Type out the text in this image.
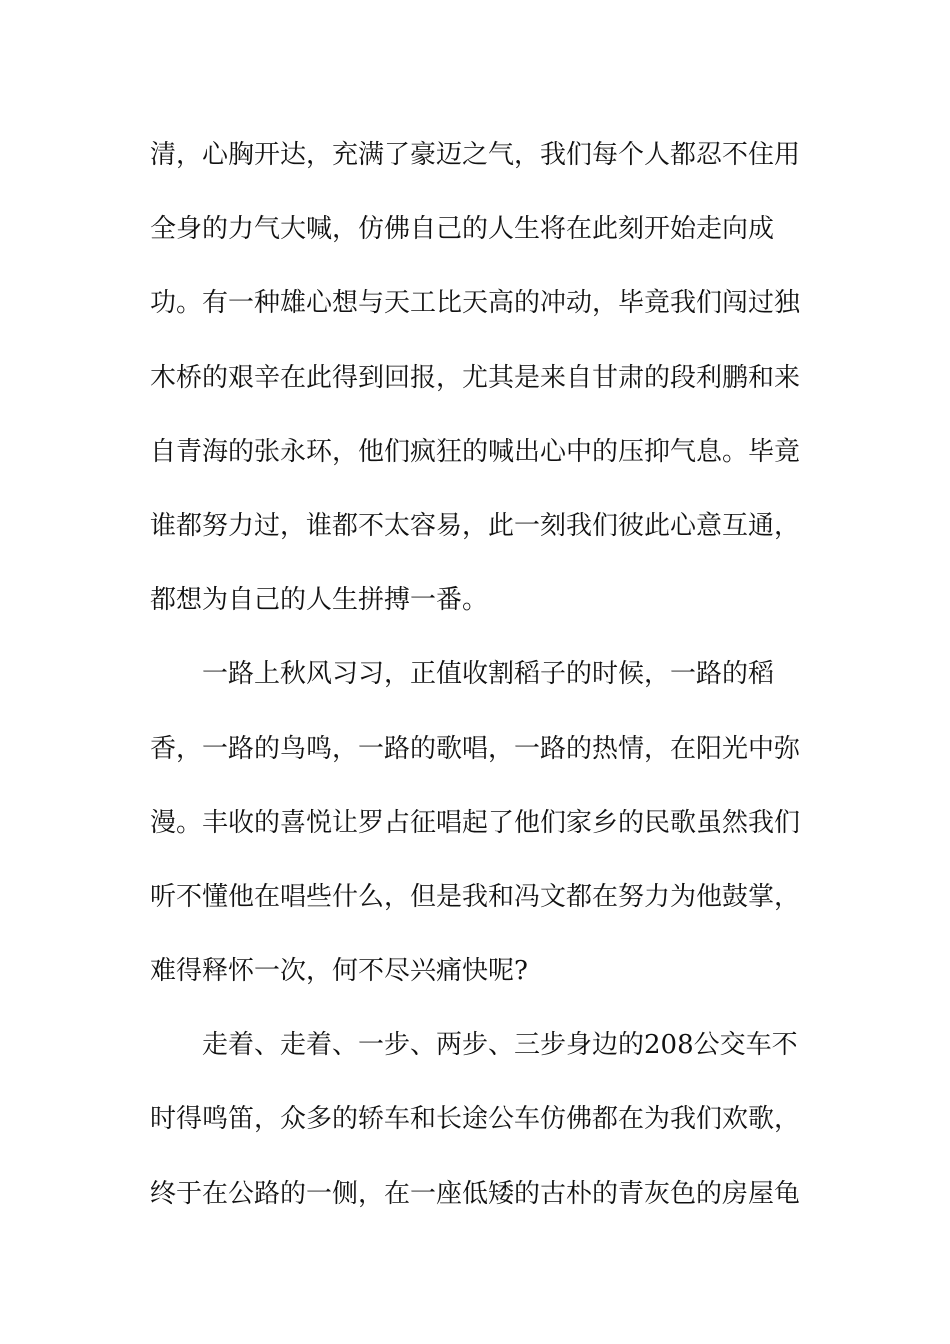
清，心胸开达，充满了豪迈之气，我们每个人都忍不住用
全身的力气大喊，仿佛自己的人生将在此刻开始走向成
功。有一种雄心想与天工比天高的冲动，毕竟我们闯过独
木桥的艰辛在此得到回报，尤其是来自甘肃的段利鹏和来
自青海的张永环，他们疯狂的喊出心中的压抑气息。毕竟
谁都努力过，谁都不太容易，此一刻我们彼此心意互通，
都想为自己的人生拼搏一番。
一路上秋风习习，正值收割稻子的时候，一路的稻
香，一路的鸟鸣，一路的歌唱，一路的热情，在阳光中弥
漫。丰收的喜悦让罗占征唱起了他们家乡的民歌虽然我们
听不懂他在唱些什么，但是我和冯文都在努力为他鼓掌，
难得释怀一次，何不尽兴痛快呢?
走着、走着、一步、两步、三步身边的208公交车不
时得鸣笛，众多的轿车和长途公车仿佛都在为我们欢歌，
终于在公路的一侧，在一座低矮的古朴的青灰色的房屋龟
